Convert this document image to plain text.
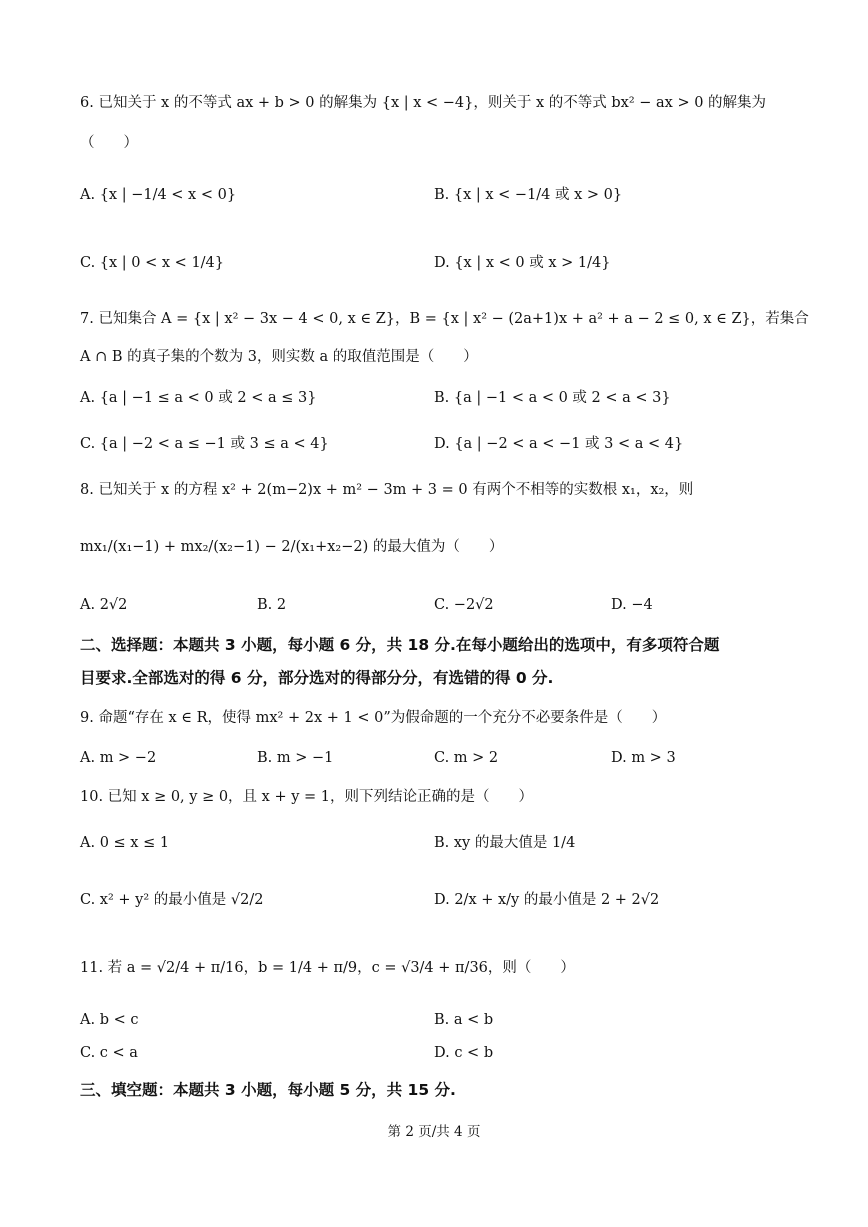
6. 已知关于 x 的不等式 ax + b > 0 的解集为 {x | x < −4}，则关于 x 的不等式 bx² − ax > 0 的解集为
（　　）
A. {x | −1/4 < x < 0}	B. {x | x < −1/4 或 x > 0}
C. {x | 0 < x < 1/4}	D. {x | x < 0 或 x > 1/4}
7. 已知集合 A = {x | x² − 3x − 4 < 0, x ∈ Z}，B = {x | x² − (2a+1)x + a² + a − 2 ≤ 0, x ∈ Z}，若集合
A ∩ B 的真子集的个数为 3，则实数 a 的取值范围是（　　）
A. {a | −1 ≤ a < 0 或 2 < a ≤ 3}	B. {a | −1 < a < 0 或 2 < a < 3}
C. {a | −2 < a ≤ −1 或 3 ≤ a < 4}	D. {a | −2 < a < −1 或 3 < a < 4}
8. 已知关于 x 的方程 x² + 2(m−2)x + m² − 3m + 3 = 0 有两个不相等的实数根 x₁，x₂，则
mx₁/(x₁−1) + mx₂/(x₂−1) − 2/(x₁+x₂−2) 的最大值为（　　）
A. 2√2	B. 2	C. −2√2	D. −4
二、选择题：本题共 3 小题，每小题 6 分，共 18 分.在每小题给出的选项中，有多项符合题
目要求.全部选对的得 6 分，部分选对的得部分分，有选错的得 0 分.
9. 命题“存在 x ∈ R，使得 mx² + 2x + 1 < 0”为假命题的一个充分不必要条件是（　　）
A. m > −2	B. m > −1	C. m > 2	D. m > 3
10. 已知 x ≥ 0, y ≥ 0，且 x + y = 1，则下列结论正确的是（　　）
A. 0 ≤ x ≤ 1	B. xy 的最大值是 1/4
C. x² + y² 的最小值是 √2/2	D. 2/x + x/y 的最小值是 2 + 2√2
11. 若 a = √2/4 + π/16，b = 1/4 + π/9，c = √3/4 + π/36，则（　　）
A. b < c	B. a < b
C. c < a	D. c < b
三、填空题：本题共 3 小题，每小题 5 分，共 15 分.
第 2 页/共 4 页
